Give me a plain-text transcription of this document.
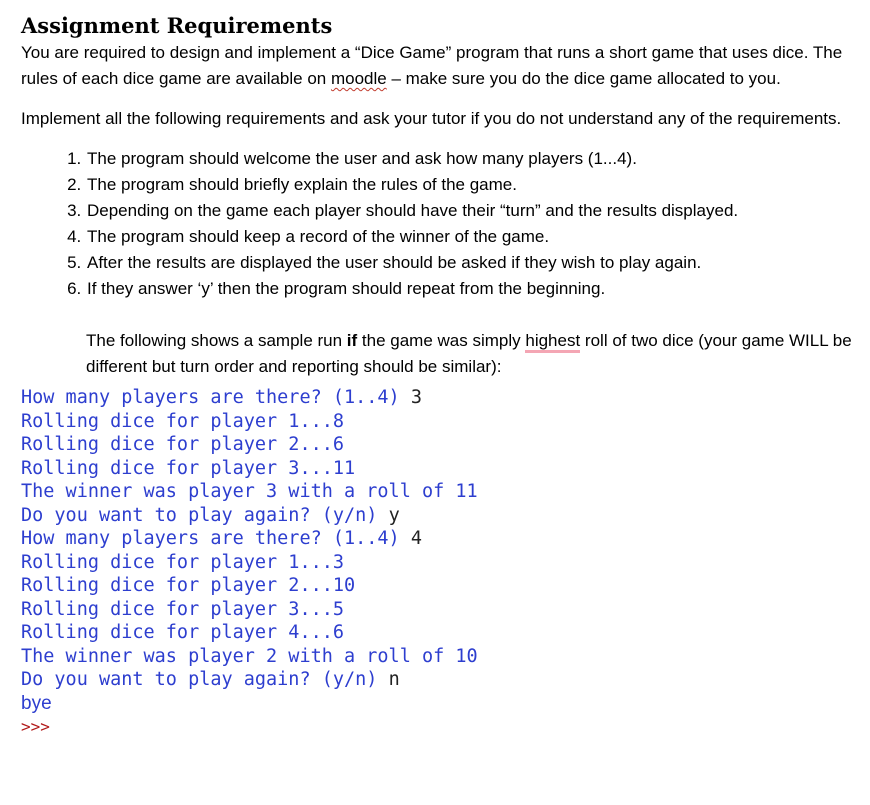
Assignment Requirements

You are required to design and implement a “Dice Game” program that runs a short game that uses dice. The rules of each dice game are available on moodle – make sure you do the dice game allocated to you.

Implement all the following requirements and ask your tutor if you do not understand any of the requirements.

1. The program should welcome the user and ask how many players (1...4).
2. The program should briefly explain the rules of the game.
3. Depending on the game each player should have their “turn” and the results displayed.
4. The program should keep a record of the winner of the game.
5. After the results are displayed the user should be asked if they wish to play again.
6. If they answer ‘y’ then the program should repeat from the beginning.

The following shows a sample run if the game was simply highest roll of two dice (your game WILL be different but turn order and reporting should be similar):

How many players are there? (1..4) 3
Rolling dice for player 1...8
Rolling dice for player 2...6
Rolling dice for player 3...11
The winner was player 3 with a roll of 11
Do you want to play again? (y/n) y
How many players are there? (1..4) 4
Rolling dice for player 1...3
Rolling dice for player 2...10
Rolling dice for player 3...5
Rolling dice for player 4...6
The winner was player 2 with a roll of 10
Do you want to play again? (y/n) n
bye
>>>
